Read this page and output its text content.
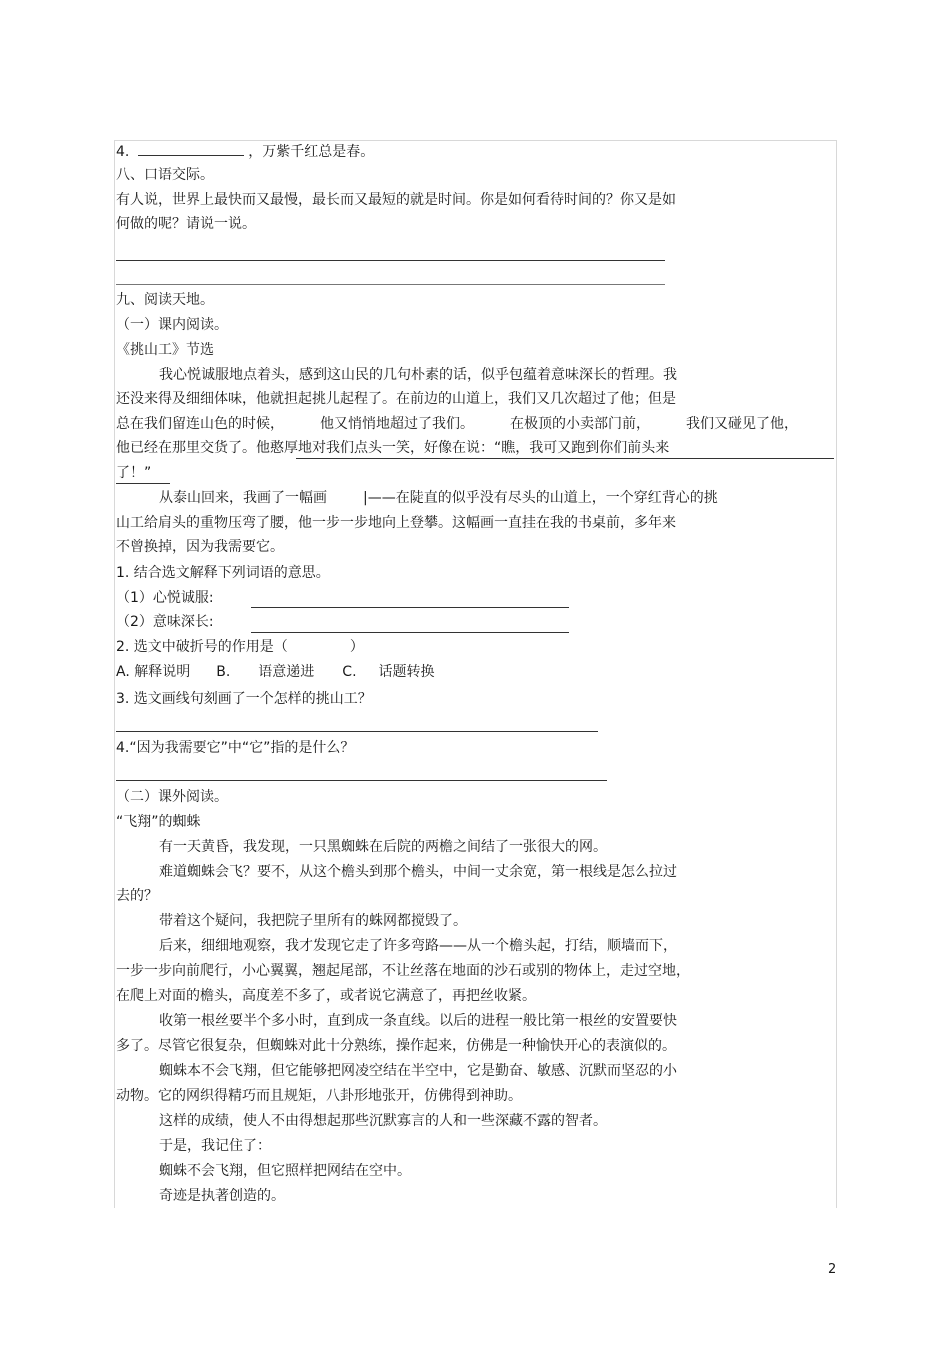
4.	，万紫千红总是春。
八、口语交际。
有人说，世界上最快而又最慢，最长而又最短的就是时间。你是如何看待时间的？你又是如
何做的呢？请说一说。
九、阅读天地。
（一）课内阅读。
《挑山工》节选
我心悦诚服地点着头，感到这山民的几句朴素的话，似乎包蕴着意味深长的哲理。我
还没来得及细细体味，他就担起挑儿起程了。在前边的山道上，我们又几次超过了他；但是
总在我们留连山色的时候，	他又悄悄地超过了我们。	在极顶的小卖部门前，	我们又碰见了他，
他已经在那里交货了。他憨厚地对我们点头一笑，好像在说：“瞧，我可又跑到你们前头来
了！”
从泰山回来，我画了一幅画	|——在陡直的似乎没有尽头的山道上，一个穿红背心的挑
山工给肩头的重物压弯了腰，他一步一步地向上登攀。这幅画一直挂在我的书桌前，多年来
不曾换掉，因为我需要它。
1. 结合选文解释下列词语的意思。
（1）心悦诚服:
（2）意味深长:
2. 选文中破折号的作用是（	）
A. 解释说明 B. 语意递进 C. 话题转换
3. 选文画线句刻画了一个怎样的挑山工？
4.“因为我需要它”中“它”指的是什么？
（二）课外阅读。
“飞翔”的蜘蛛
有一天黄昏，我发现，一只黑蜘蛛在后院的两檐之间结了一张很大的网。
难道蜘蛛会飞？要不，从这个檐头到那个檐头，中间一丈余宽，第一根线是怎么拉过
去的？
带着这个疑问，我把院子里所有的蛛网都搅毁了。
后来，细细地观察，我才发现它走了许多弯路——从一个檐头起，打结，顺墙而下，
一步一步向前爬行，小心翼翼，翘起尾部，不让丝落在地面的沙石或别的物体上，走过空地，
在爬上对面的檐头，高度差不多了，或者说它满意了，再把丝收紧。
收第一根丝要半个多小时，直到成一条直线。以后的进程一般比第一根丝的安置要快
多了。尽管它很复杂，但蜘蛛对此十分熟练，操作起来，仿佛是一种愉快开心的表演似的。
蜘蛛本不会飞翔，但它能够把网凌空结在半空中，它是勤奋、敏感、沉默而坚忍的小
动物。它的网织得精巧而且规矩，八卦形地张开，仿佛得到神助。
这样的成绩，使人不由得想起那些沉默寡言的人和一些深藏不露的智者。
于是，我记住了：
蜘蛛不会飞翔，但它照样把网结在空中。
奇迹是执著创造的。
2
